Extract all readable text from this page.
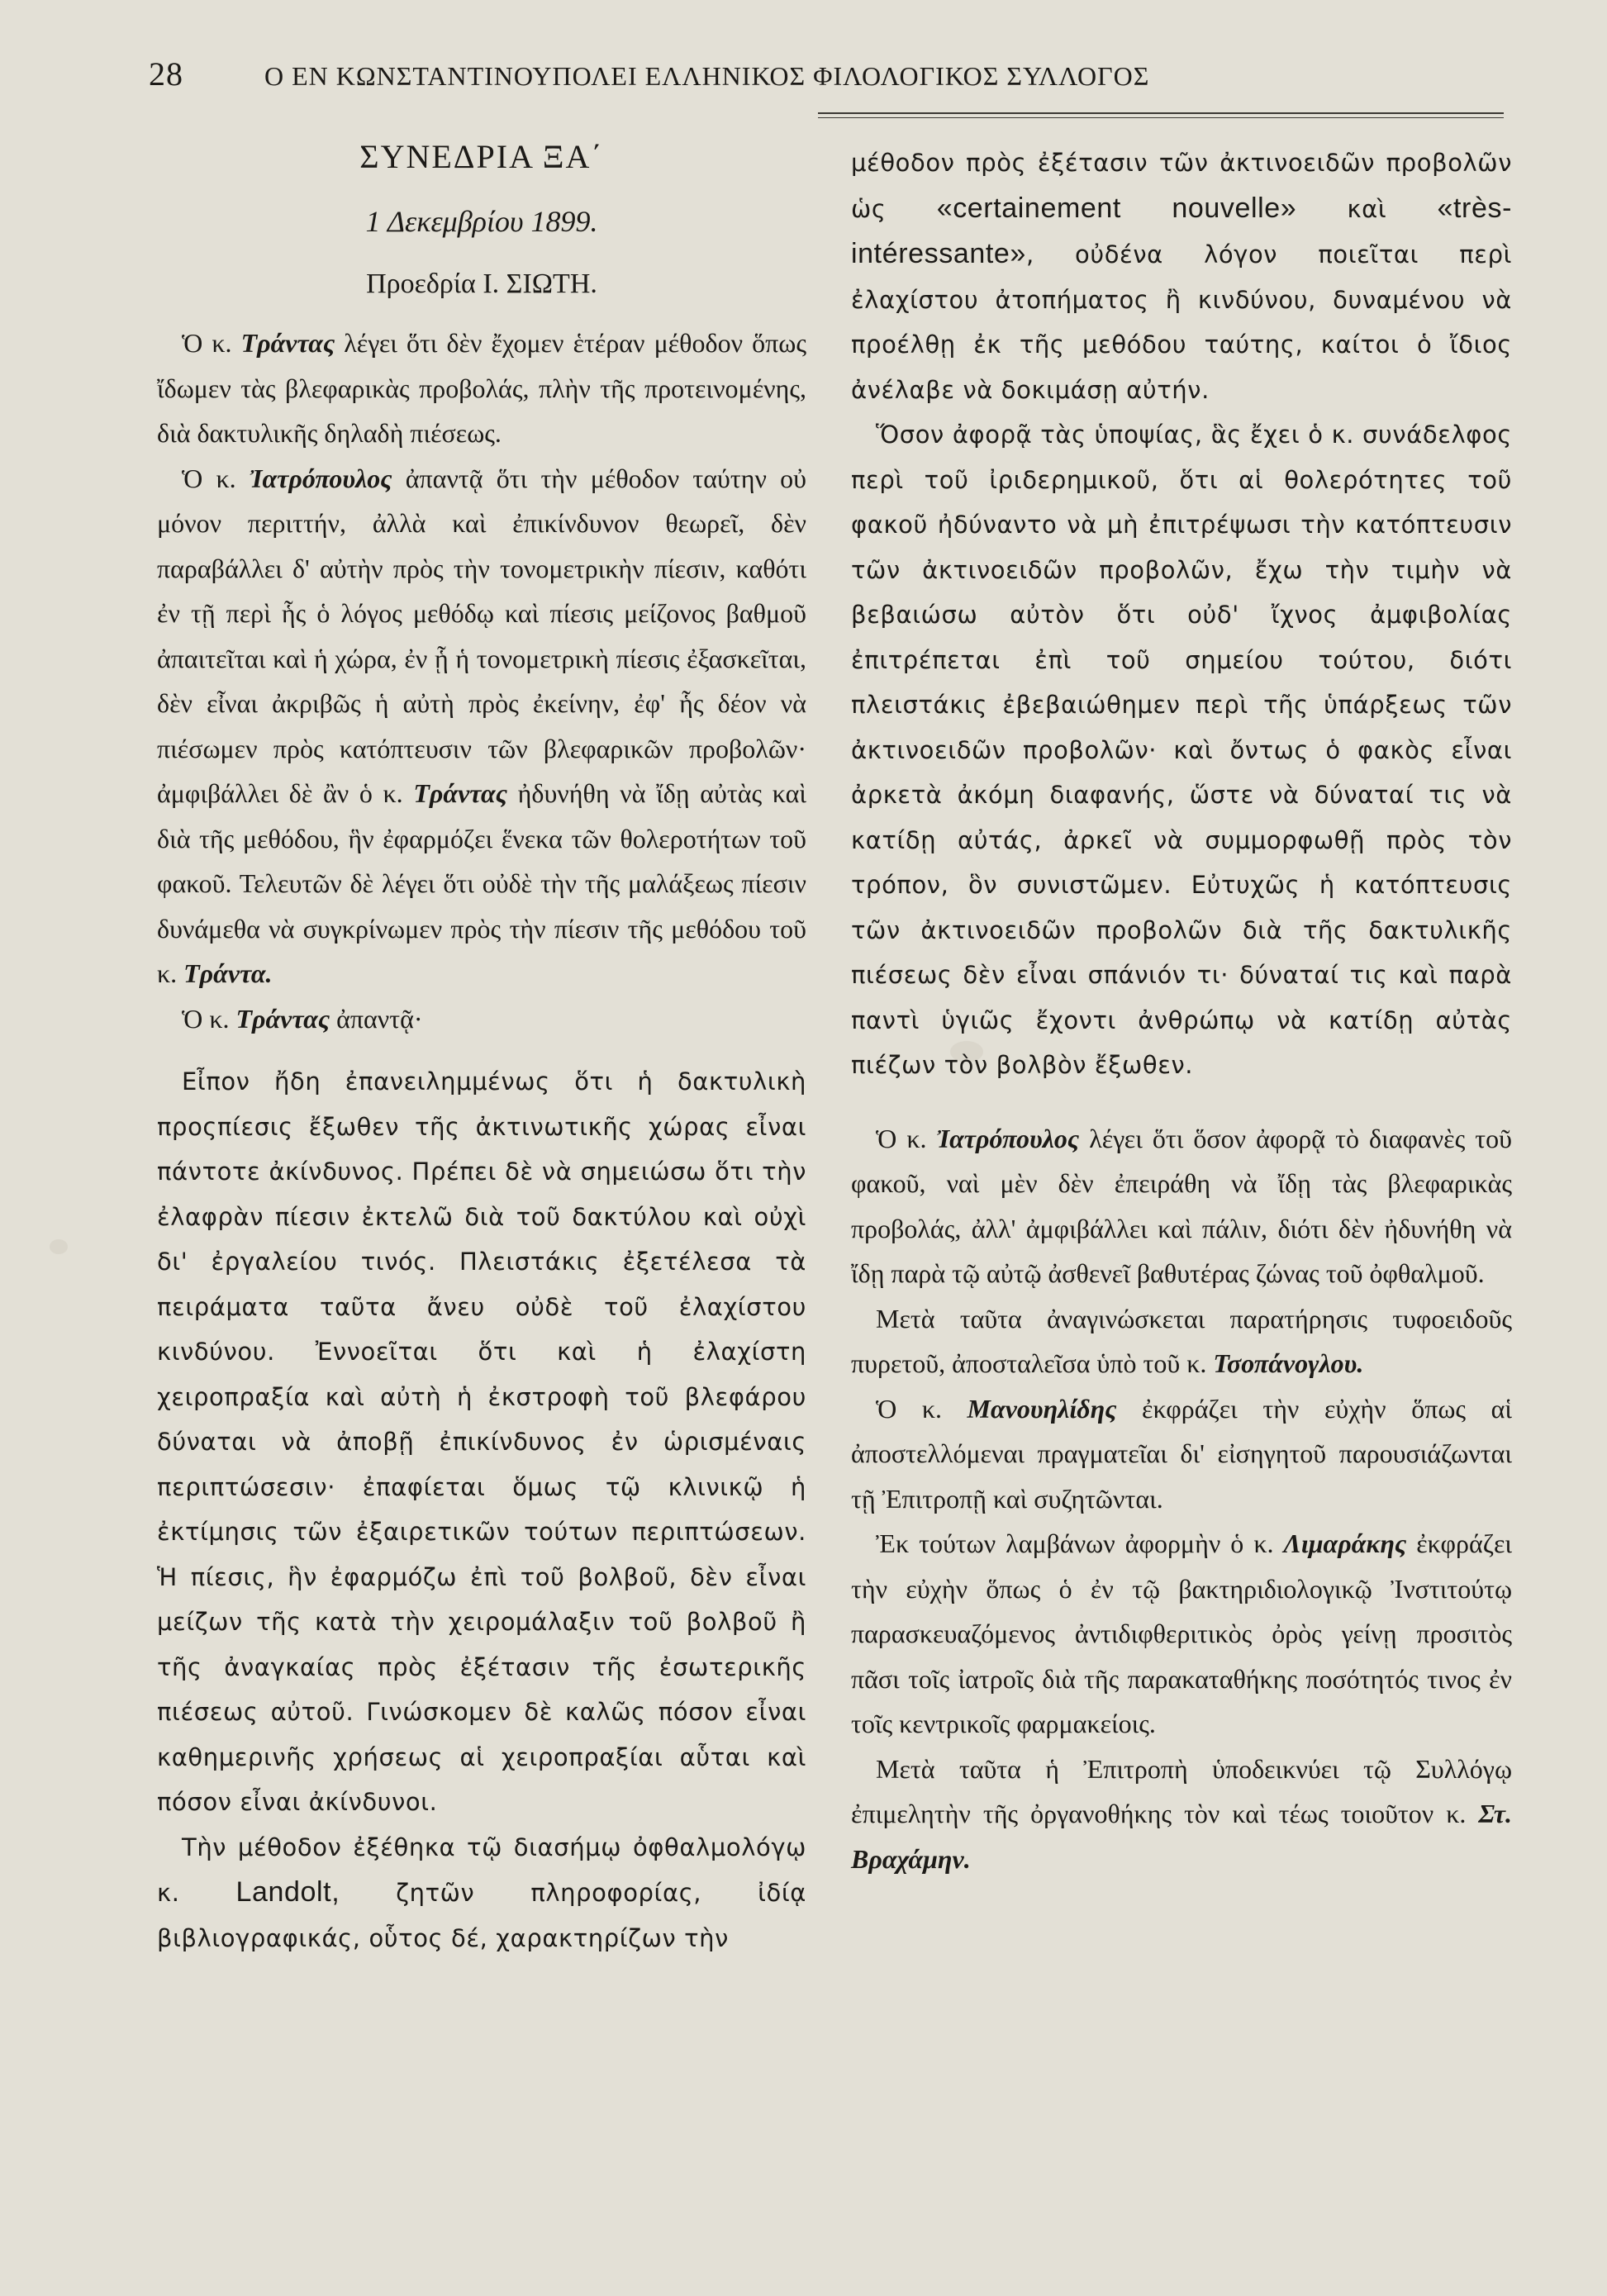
28	Ο ΕΝ ΚΩΝΣΤΑΝΤΙΝΟΥΠΟΛΕΙ ΕΛΛΗΝΙΚΟΣ ΦΙΛΟΛΟΓΙΚΟΣ ΣΥΛΛΟΓΟΣ

ΣΥΝΕΔΡΙΑ ΞΑ΄

1 Δεκεμβρίου 1899.

Προεδρία Ι. ΣΙΩΤΗ.

Ὁ κ. Τράντας λέγει ὅτι δὲν ἔχομεν ἑτέραν μέθοδον ὅπως ἴδωμεν τὰς βλεφαρικὰς προβολάς, πλὴν τῆς προτεινομένης, διὰ δακτυλικῆς δηλαδὴ πιέσεως.

Ὁ κ. Ἰατρόπουλος ἀπαντᾷ ὅτι τὴν μέθοδον ταύτην οὐ μόνον περιττήν, ἀλλὰ καὶ ἐπικίνδυνον θεωρεῖ, δὲν παραβάλλει δ' αὐτὴν πρὸς τὴν τονομετρικὴν πίεσιν, καθότι ἐν τῇ περὶ ἧς ὁ λόγος μεθόδῳ καὶ πίεσις μείζονος βαθμοῦ ἀπαιτεῖται καὶ ἡ χώρα, ἐν ᾗ ἡ τονομετρικὴ πίεσις ἐξασκεῖται, δὲν εἶναι ἀκριβῶς ἡ αὐτὴ πρὸς ἐκείνην, ἐφ' ἧς δέον νὰ πιέσωμεν πρὸς κατόπτευσιν τῶν βλεφαρικῶν προβολῶν· ἀμφιβάλλει δὲ ἂν ὁ κ. Τράντας ἠδυνήθη νὰ ἴδῃ αὐτὰς καὶ διὰ τῆς μεθόδου, ἣν ἐφαρμόζει ἕνεκα τῶν θολεροτήτων τοῦ φακοῦ. Τελευτῶν δὲ λέγει ὅτι οὐδὲ τὴν τῆς μαλάξεως πίεσιν δυνάμεθα νὰ συγκρίνωμεν πρὸς τὴν πίεσιν τῆς μεθόδου τοῦ κ. Τράντα.

Ὁ κ. Τράντας ἀπαντᾷ·

Εἶπον ἤδη ἐπανειλημμένως ὅτι ἡ δακτυλικὴ προςπίεσις ἔξωθεν τῆς ἀκτινωτικῆς χώρας εἶναι πάντοτε ἀκίνδυνος. Πρέπει δὲ νὰ σημειώσω ὅτι τὴν ἐλαφρὰν πίεσιν ἐκτελῶ διὰ τοῦ δακτύλου καὶ οὐχὶ δι' ἐργαλείου τινός. Πλειστάκις ἐξετέλεσα τὰ πειράματα ταῦτα ἄνευ οὐδὲ τοῦ ἐλαχίστου κινδύνου. Ἐννοεῖται ὅτι καὶ ἡ ἐλαχίστη χειροπραξία καὶ αὐτὴ ἡ ἐκστροφὴ τοῦ βλεφάρου δύναται νὰ ἀποβῇ ἐπικίνδυνος ἐν ὡρισμέναις περιπτώσεσιν· ἐπαφίεται ὅμως τῷ κλινικῷ ἡ ἐκτίμησις τῶν ἐξαιρετικῶν τούτων περιπτώσεων. Ἡ πίεσις, ἣν ἐφαρμόζω ἐπὶ τοῦ βολβοῦ, δὲν εἶναι μείζων τῆς κατὰ τὴν χειρομάλαξιν τοῦ βολβοῦ ἢ τῆς ἀναγκαίας πρὸς ἐξέτασιν τῆς ἐσωτερικῆς πιέσεως αὐτοῦ. Γινώσκομεν δὲ καλῶς πόσον εἶναι καθημερινῆς χρήσεως αἱ χειροπραξίαι αὗται καὶ πόσον εἶναι ἀκίνδυνοι.

Τὴν μέθοδον ἐξέθηκα τῷ διασήμῳ ὀφθαλμολόγῳ κ. Landolt, ζητῶν πληροφορίας, ἰδίᾳ βιβλιογραφικάς, οὗτος δέ, χαρακτηρίζων τὴν

μέθοδον πρὸς ἐξέτασιν τῶν ἀκτινοειδῶν προβολῶν ὡς «certainement nouvelle» καὶ «très-intéressante», οὐδένα λόγον ποιεῖται περὶ ἐλαχίστου ἀτοπήματος ἢ κινδύνου, δυναμένου νὰ προέλθῃ ἐκ τῆς μεθόδου ταύτης, καίτοι ὁ ἴδιος ἀνέλαβε νὰ δοκιμάσῃ αὐτήν.

Ὅσον ἀφορᾷ τὰς ὑποψίας, ἃς ἔχει ὁ κ. συνάδελφος περὶ τοῦ ἰριδερημικοῦ, ὅτι αἱ θολερότητες τοῦ φακοῦ ἠδύναντο νὰ μὴ ἐπιτρέψωσι τὴν κατόπτευσιν τῶν ἀκτινοειδῶν προβολῶν, ἔχω τὴν τιμὴν νὰ βεβαιώσω αὐτὸν ὅτι οὐδ' ἴχνος ἀμφιβολίας ἐπιτρέπεται ἐπὶ τοῦ σημείου τούτου, διότι πλειστάκις ἐβεβαιώθημεν περὶ τῆς ὑπάρξεως τῶν ἀκτινοειδῶν προβολῶν· καὶ ὄντως ὁ φακὸς εἶναι ἀρκετὰ ἀκόμη διαφανής, ὥστε νὰ δύναταί τις νὰ κατίδῃ αὐτάς, ἀρκεῖ νὰ συμμορφωθῇ πρὸς τὸν τρόπον, ὃν συνιστῶμεν. Εὐτυχῶς ἡ κατόπτευσις τῶν ἀκτινοειδῶν προβολῶν διὰ τῆς δακτυλικῆς πιέσεως δὲν εἶναι σπάνιόν τι· δύναταί τις καὶ παρὰ παντὶ ὑγιῶς ἔχοντι ἀνθρώπῳ νὰ κατίδῃ αὐτὰς πιέζων τὸν βολβὸν ἔξωθεν.

Ὁ κ. Ἰατρόπουλος λέγει ὅτι ὅσον ἀφορᾷ τὸ διαφανὲς τοῦ φακοῦ, ναὶ μὲν δὲν ἐπειράθη νὰ ἴδῃ τὰς βλεφαρικὰς προβολάς, ἀλλ' ἀμφιβάλλει καὶ πάλιν, διότι δὲν ἠδυνήθη νὰ ἴδῃ παρὰ τῷ αὐτῷ ἀσθενεῖ βαθυτέρας ζώνας τοῦ ὀφθαλμοῦ.

Μετὰ ταῦτα ἀναγινώσκεται παρατήρησις τυφοειδοῦς πυρετοῦ, ἀποσταλεῖσα ὑπὸ τοῦ κ. Τσοπάνογλου.

Ὁ κ. Μανουηλίδης ἐκφράζει τὴν εὐχὴν ὅπως αἱ ἀποστελλόμεναι πραγματεῖαι δι' εἰσηγητοῦ παρουσιάζωνται τῇ Ἐπιτροπῇ καὶ συζητῶνται.

Ἐκ τούτων λαμβάνων ἀφορμὴν ὁ κ. Λιμαράκης ἐκφράζει τὴν εὐχὴν ὅπως ὁ ἐν τῷ βακτηριδιολογικῷ Ἰνστιτούτῳ παρασκευαζόμενος ἀντιδιφθεριτικὸς ὀρὸς γείνῃ προσιτὸς πᾶσι τοῖς ἰατροῖς διὰ τῆς παρακαταθήκης ποσότητός τινος ἐν τοῖς κεντρικοῖς φαρμακείοις.

Μετὰ ταῦτα ἡ Ἐπιτροπὴ ὑποδεικνύει τῷ Συλλόγῳ ἐπιμελητὴν τῆς ὀργανοθήκης τὸν καὶ τέως τοιοῦτον κ. Στ. Βραχάμην.
